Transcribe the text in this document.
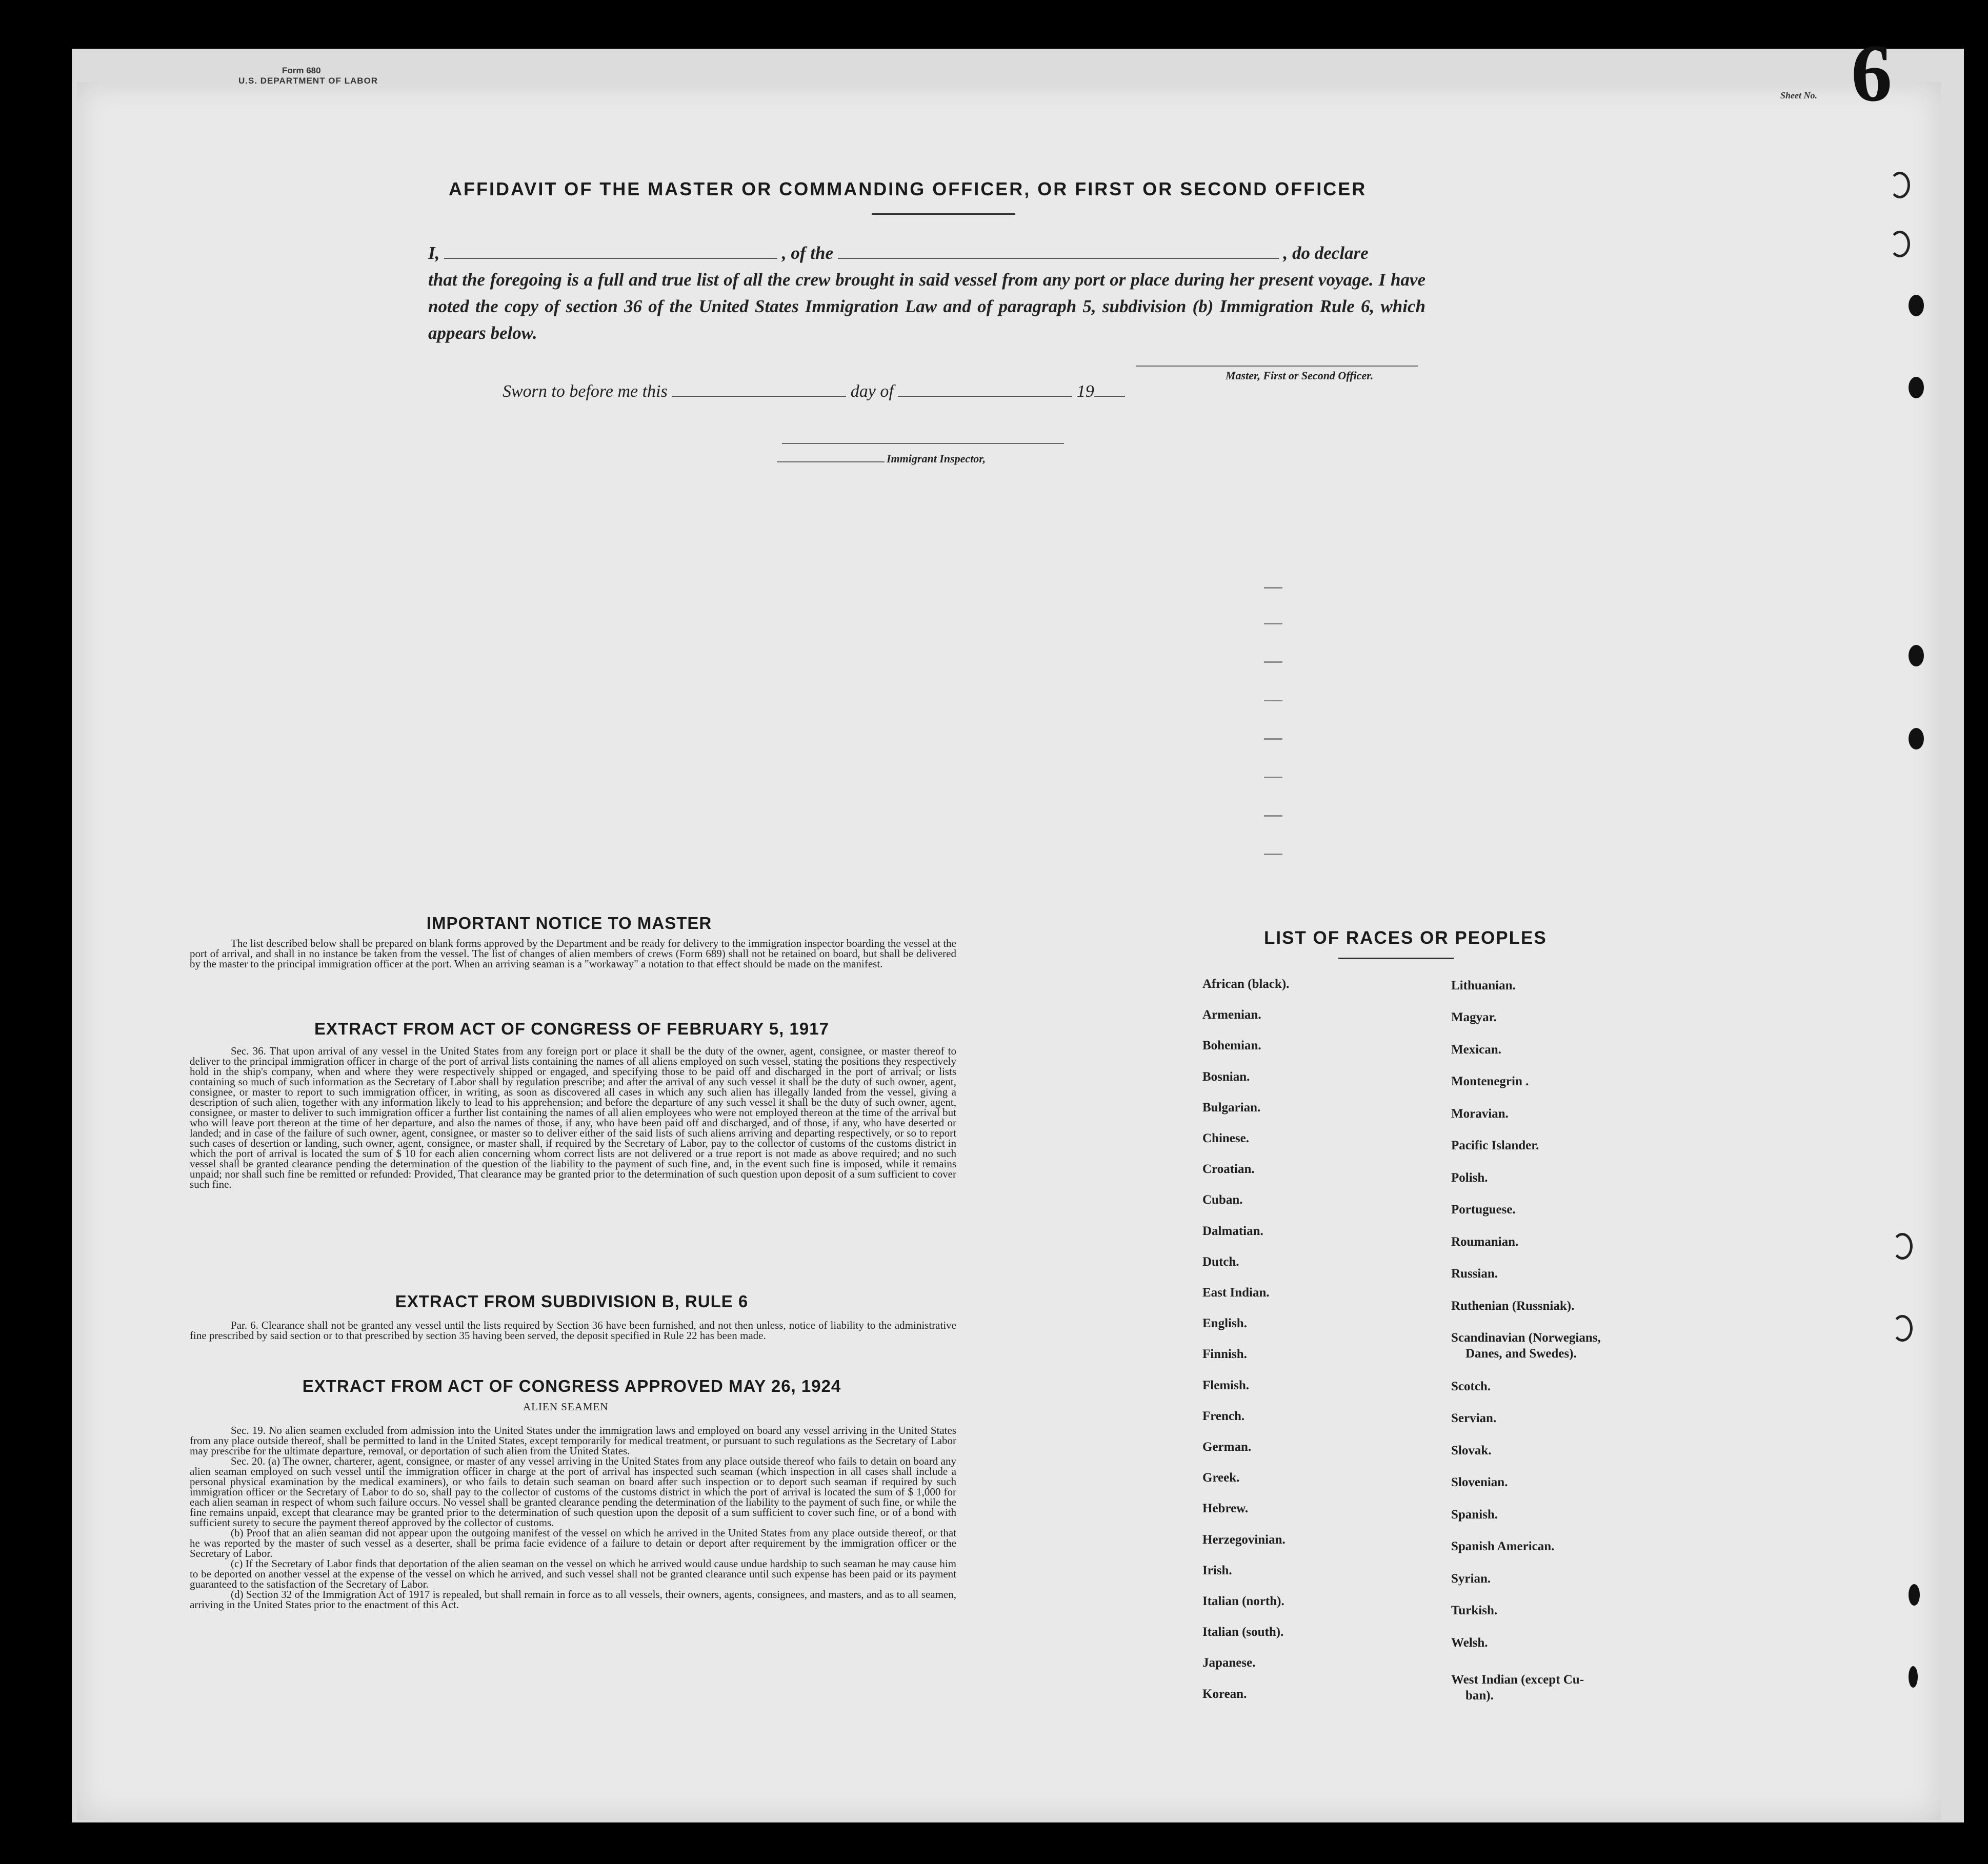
Form 680
U.S. DEPARTMENT OF LABOR
Sheet No. 6
AFFIDAVIT OF THE MASTER OR COMMANDING OFFICER, OR FIRST OR SECOND OFFICER
I,	, of the	, do declare
that the foregoing is a full and true list of all the crew brought in said vessel from any port or place during her present voyage. I have noted the copy of section 36 of the United States Immigration Law and of paragraph 5, subdivision (b) Immigration Rule 6, which appears below.
Master, First or Second Officer.
Sworn to before me this	day of	19
Immigrant Inspector,
IMPORTANT NOTICE TO MASTER
The list described below shall be prepared on blank forms approved by the Department and be ready for delivery to the immigration inspector boarding the vessel at the port of arrival, and shall in no instance be taken from the vessel. The list of changes of alien members of crews (Form 689) shall not be retained on board, but shall be delivered by the master to the principal immigration officer at the port. When an arriving seaman is a "workaway" a notation to that effect should be made on the manifest.
EXTRACT FROM ACT OF CONGRESS OF FEBRUARY 5, 1917
Sec. 36. That upon arrival of any vessel in the United States from any foreign port or place it shall be the duty of the owner, agent, consignee, or master thereof to deliver to the principal immigration officer in charge of the port of arrival lists containing the names of all aliens employed on such vessel, stating the positions they respectively hold in the ship's company, when and where they were respectively shipped or engaged, and specifying those to be paid off and discharged in the port of arrival; or lists containing so much of such information as the Secretary of Labor shall by regulation prescribe; and after the arrival of any such vessel it shall be the duty of such owner, agent, consignee, or master to report to such immigration officer, in writing, as soon as discovered all cases in which any such alien has illegally landed from the vessel, giving a description of such alien, together with any information likely to lead to his apprehension; and before the departure of any such vessel it shall be the duty of such owner, agent, consignee, or master to deliver to such immigration officer a further list containing the names of all alien employees who were not employed thereon at the time of the arrival but who will leave port thereon at the time of her departure, and also the names of those, if any, who have been paid off and discharged, and of those, if any, who have deserted or landed; and in case of the failure of such owner, agent, consignee, or master so to deliver either of the said lists of such aliens arriving and departing respectively, or so to report such cases of desertion or landing, such owner, agent, consignee, or master shall, if required by the Secretary of Labor, pay to the collector of customs of the customs district in which the port of arrival is located the sum of $ 10 for each alien concerning whom correct lists are not delivered or a true report is not made as above required; and no such vessel shall be granted clearance pending the determination of the question of the liability to the payment of such fine, and, in the event such fine is imposed, while it remains unpaid; nor shall such fine be remitted or refunded: Provided, That clearance may be granted prior to the determination of such question upon deposit of a sum sufficient to cover such fine.
EXTRACT FROM SUBDIVISION B, RULE 6
Par. 6. Clearance shall not be granted any vessel until the lists required by Section 36 have been furnished, and not then unless, notice of liability to the administrative fine prescribed by said section or to that prescribed by section 35 having been served, the deposit specified in Rule 22 has been made.
EXTRACT FROM ACT OF CONGRESS APPROVED MAY 26, 1924
ALIEN SEAMEN

Sec. 19. No alien seamen excluded from admission into the United States under the immigration laws and employed on board any vessel arriving in the United States from any place outside thereof, shall be permitted to land in the United States, except temporarily for medical treatment, or pursuant to such regulations as the Secretary of Labor may prescribe for the ultimate departure, removal, or deportation of such alien from the United States.

Sec. 20. (a) The owner, charterer, agent, consignee, or master of any vessel arriving in the United States from any place outside thereof who fails to detain on board any alien seaman employed on such vessel until the immigration officer in charge at the port of arrival has inspected such seaman (which inspection in all cases shall include a personal physical examination by the medical examiners), or who fails to detain such seaman on board after such inspection or to deport such seaman if required by such immigration officer or the Secretary of Labor to do so, shall pay to the collector of customs of the customs district in which the port of arrival is located the sum of $ 1,000 for each alien seaman in respect of whom such failure occurs. No vessel shall be granted clearance pending the determination of the liability to the payment of such fine, or while the fine remains unpaid, except that clearance may be granted prior to the determination of such question upon the deposit of a sum sufficient to cover such fine, or of a bond with sufficient surety to secure the payment thereof approved by the collector of customs.

(b) Proof that an alien seaman did not appear upon the outgoing manifest of the vessel on which he arrived in the United States from any place outside thereof, or that he was reported by the master of such vessel as a deserter, shall be prima facie evidence of a failure to detain or deport after requirement by the immigration officer or the Secretary of Labor.

(c) If the Secretary of Labor finds that deportation of the alien seaman on the vessel on which he arrived would cause undue hardship to such seaman he may cause him to be deported on another vessel at the expense of the vessel on which he arrived, and such vessel shall not be granted clearance until such expense has been paid or its payment guaranteed to the satisfaction of the Secretary of Labor.

(d) Section 32 of the Immigration Act of 1917 is repealed, but shall remain in force as to all vessels, their owners, agents, consignees, and masters, and as to all seamen, arriving in the United States prior to the enactment of this Act.

LIST OF RACES OR PEOPLES
African (black).
Armenian.
Bohemian.
Bosnian.
Bulgarian.
Chinese.
Croatian.
Cuban.
Dalmatian.
Dutch.
East Indian.
English.
Finnish.
Flemish.
French.
German.
Greek.
Hebrew.
Herzegovinian.
Irish.
Italian (north).
Italian (south).
Japanese.
Korean.
Lithuanian.
Magyar.
Mexican.
Montenegrin .
Moravian.
Pacific Islander.
Polish.
Portuguese.
Roumanian.
Russian.
Ruthenian (Russniak).
Scandinavian (Norwegians,
Danes, and Swedes).
Scotch.
Servian.
Slovak.
Slovenian.
Spanish.
Spanish American.
Syrian.
Turkish.
Welsh.
West Indian (except Cu-
ban).
